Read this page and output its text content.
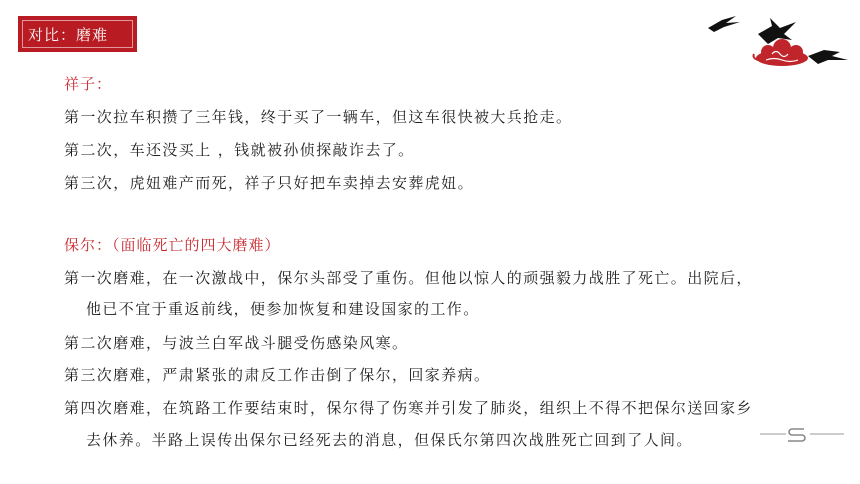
对比：磨难
祥子：
第一次拉车积攒了三年钱，终于买了一辆车，但这车很快被大兵抢走。
第二次，车还没买上 ，钱就被孙侦探敲诈去了。
第三次，虎妞难产而死，祥子只好把车卖掉去安葬虎妞。
保尔：（面临死亡的四大磨难）
第一次磨难，在一次激战中，保尔头部受了重伤。但他以惊人的顽强毅力战胜了死亡。出院后，
他已不宜于重返前线，便参加恢复和建设国家的工作。
第二次磨难，与波兰白军战斗腿受伤感染风寒。
第三次磨难，严肃紧张的肃反工作击倒了保尔，回家养病。
第四次磨难，在筑路工作要结束时，保尔得了伤寒并引发了肺炎，组织上不得不把保尔送回家乡
去休养。半路上误传出保尔已经死去的消息，但保氏尔第四次战胜死亡回到了人间。
